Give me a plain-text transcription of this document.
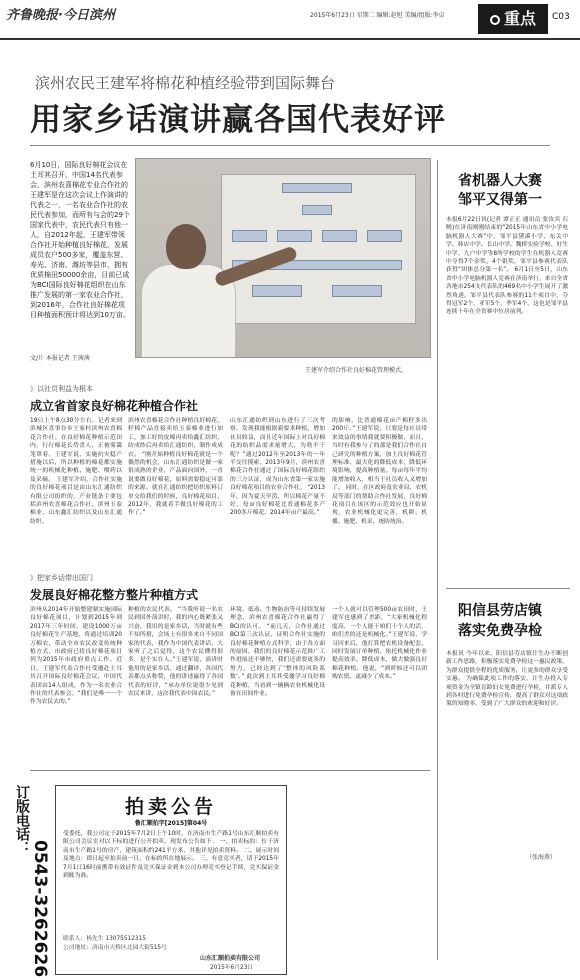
齐鲁晚报·今日滨州	2015年6月23日 星期二 编辑:赵旭 美编/组版:李卓	重点	C03
滨州农民王建军将棉花种植经验带到国际舞台
用家乡话演讲赢各国代表好评
6月10日，国际良好棉花会议在土耳其召开，中国14名代表参会，滨州农喜棉花专业合作社的王建军是在这次会议上作演讲的代表之一，一名农业合作社的农民代表参加，而所有与会的29个国家代表中，农民代表只有他一人。自2012年起，王建军带领合作社开始种植良好棉花，发展成员农户500多家，覆盖东营、寿光、济南、潍坊等县市，拥有优质棉田50000余亩，目前已成为BCI国际良好棉花组织在山东推广发展的第一家农业合作社，到2016年，合作社良好棉花项目种植面积预计将达到10万亩。
文/片 本报记者 王茜茜
王建军介绍合作社良好棉花管理模式。
》以社员利益为根本
成立省首家良好棉花种植合作社
19日上午8点30分左右，记者来到滨城区喜事谷乡王家村滨州农喜棉花合作社。在良好棉花种植示范田内，行行棉花长势喜人，正被雾霭笼罩着。王建军说，实施抗灾稳产措施以后，所以种植的棉花都实施统一的机械化种植、施肥、喷药以及采摘。 王建军介绍，合作社实施的良好棉花项目是由山东汇通纺织有限公司组织的，产业链条主要包括滨州农喜棉花合作社、滨州玉泰棉业、山东鑫汇纺织以及山东汇通纺织。
滨州农喜棉花合作社种植良好棉花，籽棉产品直接卖给玉泰棉业进行加工，加工好的皮棉再卖给鑫汇纺织，纺成纱后再卖给汇通纺织，制作成成衣。 “刚开始种植良好棉花就是一个偶然的机会，山东汇通纺织是做一家很成熟的企业，产品面向国外，一直说要做良好棉花，原料需要稳定可靠的来源。就在汇通纺织把纺织原料订单交给我们的时候，良好棉花项目，2012年，我就着手做良好棉花的工作了。”
山东汇通纺织到山东进行了三次考察，发现我能根据新要求种植，增加社员收益，而且近年国际上对良好棉花的纺织品需求量增大，为啥不干呢？”通过2012年至2013年的一年半交往摸索，2013年9月，滨州农喜棉花合作社通过了国际良好棉花组织的三方认证，成为山东省第一家实施良好棉花项目的农业合作社。 “2013年，因为夏天旱涝，所以棉花产量不好，每亩良好棉花比普通棉花多产200多斤棉花，2014年亩产最高。”
的影响，比普通棉花亩产棉籽多出200斤。”王建军说，只要是每社员带来效益的事情我就要积极做，而且，当时有我参与了的那是我们合作社自己研究的种植方案，加上良好棉花管理标准，最大化的降低成本，降低环境影响，提高种植量。每亩每年平均能增加收入，相当于社员收入又增加了。 同时，在区政府及农业局、农机局等部门的帮助合作社发展，良好棉花项目在该区的示范效应也开始显现，农业机械化更完善，机耕、机播、施肥、机采、统防统治。
》把家乡话带出国门
发展良好棉花整方整片种植方式
滨州从2014年开始整建制实施国际良好棉花项目，计划到2015年到2017年三年时间，建设1000万亩良好棉花生产基地，将通过培训20万棉农，带动全市农民改变传统种植方式，市政府已将良好棉花项目列为2015年市政府重点工作。近日，王建军代表合作社受邀赴土耳其召开国际良好棉花会议，中国代表团由14人组成，作为一名农业合作社的代表参会。“我们是唯一一个作为农民去的。”
种植的农民代表。 “当我听说一名农民到国外演讲时，我的内心既紧张又兴奋，我用的是家乡话，当时就有些不知所措，会场上有很多来自不同国家的代表，我作为中国代表讲话，大家听了之后觉得，这个农民懂得很多，是个实在人。”王建军说，演讲时他用的是家乡话，通过翻译，各国代表都点头称赞，他的讲述赢得了各国代表的好评，“承办单位说很少见到农民来讲，这次我代表中国农民。”
环境、低毒、生物防治等可持续发展理念，滨州农喜棉花合作社赢得了BCI的认可。 “前几天，合作社通过BCI第三次认证，证明合作社实施的良好棉花种植方式科学，由于各方面的原因，我们的良好棉花示范推广工作进展还不够快，我们还需要更多的努力，已经达到了‘整体的风险系数’。” 此次到土耳其受邀学习良好棉花种植，当看到一辆辆农业机械化设备在田间作业。
一个人就可以管理500亩农田时，王建军也感到了差距，“大家机械化程度高，一个人能干咱们十个人的活，咱们差的还是机械化。”王建军说，学习回来后，他打算把农机设备配套，同时发展订单种植，依托机械化作业提高效率、降低成本，做大做强良好棉花种植。他说，“到时候还可以团购农资，更减少了成本。”
省机器人大赛
邹平又得第一
本报6月22日讯(记者 谭正正 通讯员 张汝宾 石曉)在济南刚刚结束的“2015年山东省中小学电脑机器人大赛”中，邹平县黛溪小学、东关中学、韩店中学、长山中学、魏桥实验学校、好生中学、九户中学等8所学校的学生在机器人竞赛中夺得7个金奖、4个银奖，邹平县参赛代表队获得“团体总分第一名”。 6月1日至5日，山东省中小学电脑机器人竞赛在济南举行，来自全省各地市254支代表队的469名中小学生展开了激烈角逐。邹平县代表队参赛的11个项目中，夺得冠军2个，亚军5个，季军4个，这也是邹平县连续十年在全省赛中位居前列。
阳信县劳店镇
落实免费孕检
本报讯 今年以来，阳信县劳店镇计生办不断创新工作思路，积极落实免费孕检这一惠民政策，为群众提供全程的优质服务，让更多的群众享受实惠。 为确保此项工作的落实，计生办投入专项资金为全镇育龄妇女免费进行孕检，并派专人到各村进行免费孕检宣传，提高了群众对这项政策的知晓率，受到了广大群众的欢迎和好评。
（张海燕）
订版电话：
0543-3262626
拍卖公告
鲁汇顺拍字[2015]第04号
受委托，我公司定于2015年7月2日上午10时，在济南市生产路1号山东汇顺拍卖有限公司会议室对以下标的进行公开拍卖，现发布公告如下： 一、拍卖标的：位于济南市生产路1号的房产，建筑面积约241平方米，其他详见拍卖资料。 二、展示时间及地点：即日起至拍卖前一日，在标的所在地展示。 三、有意竞买者，请于2015年7月1日16时前携带有效证件及竞买保证金到本公司办理竞买登记手续，竞买保证金到账为准。
联系人：杨先生 13075512315
公司地址：济南市天桥区北园大街515号
山东汇顺拍卖有限公司
2015年6月23日
